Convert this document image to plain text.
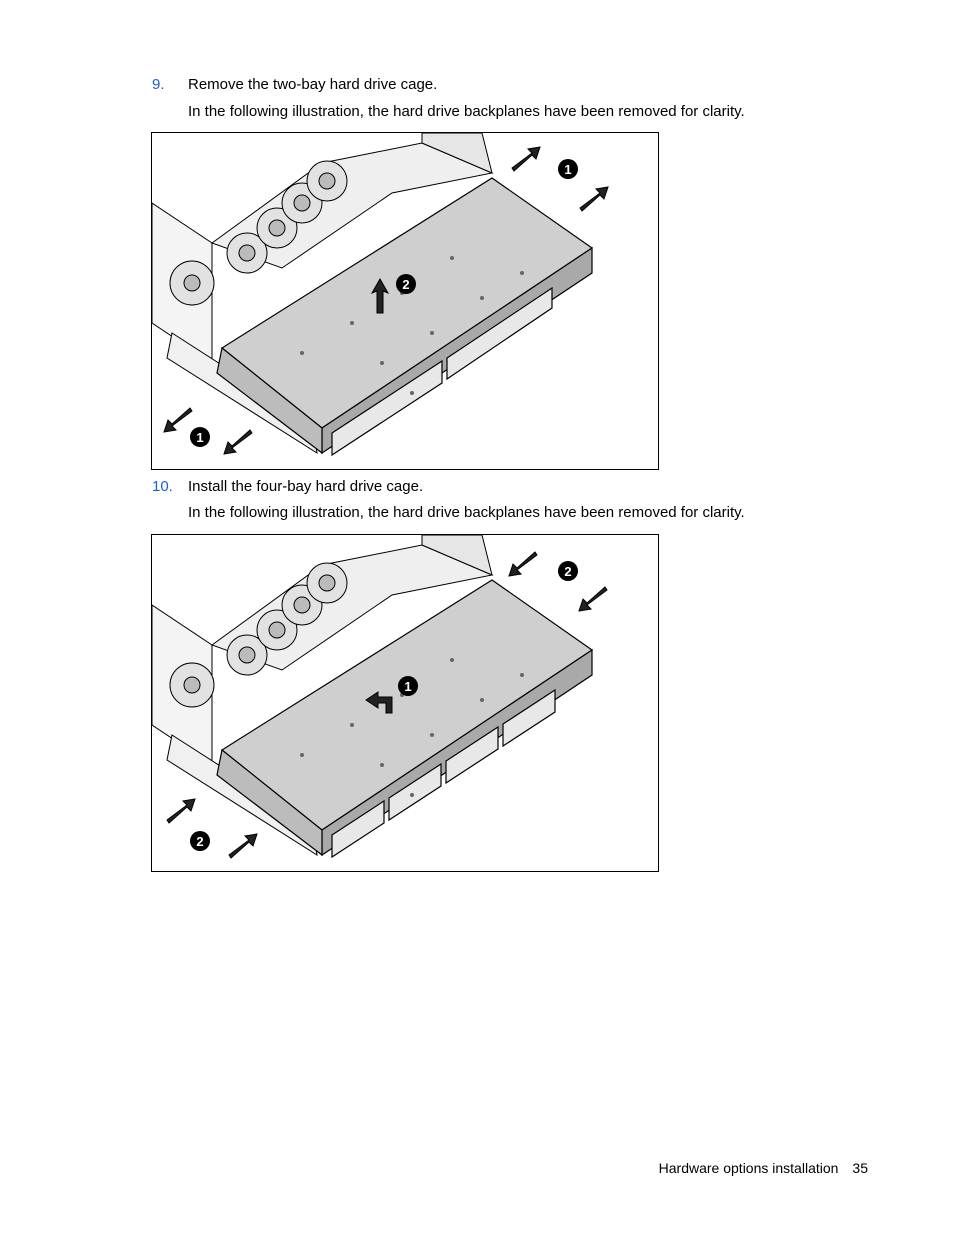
9. Remove the two-bay hard drive cage.
In the following illustration, the hard drive backplanes have been removed for clarity.
1
2
1
10. Install the four-bay hard drive cage.
In the following illustration, the hard drive backplanes have been removed for clarity.
2
1
2
Hardware options installation 35
